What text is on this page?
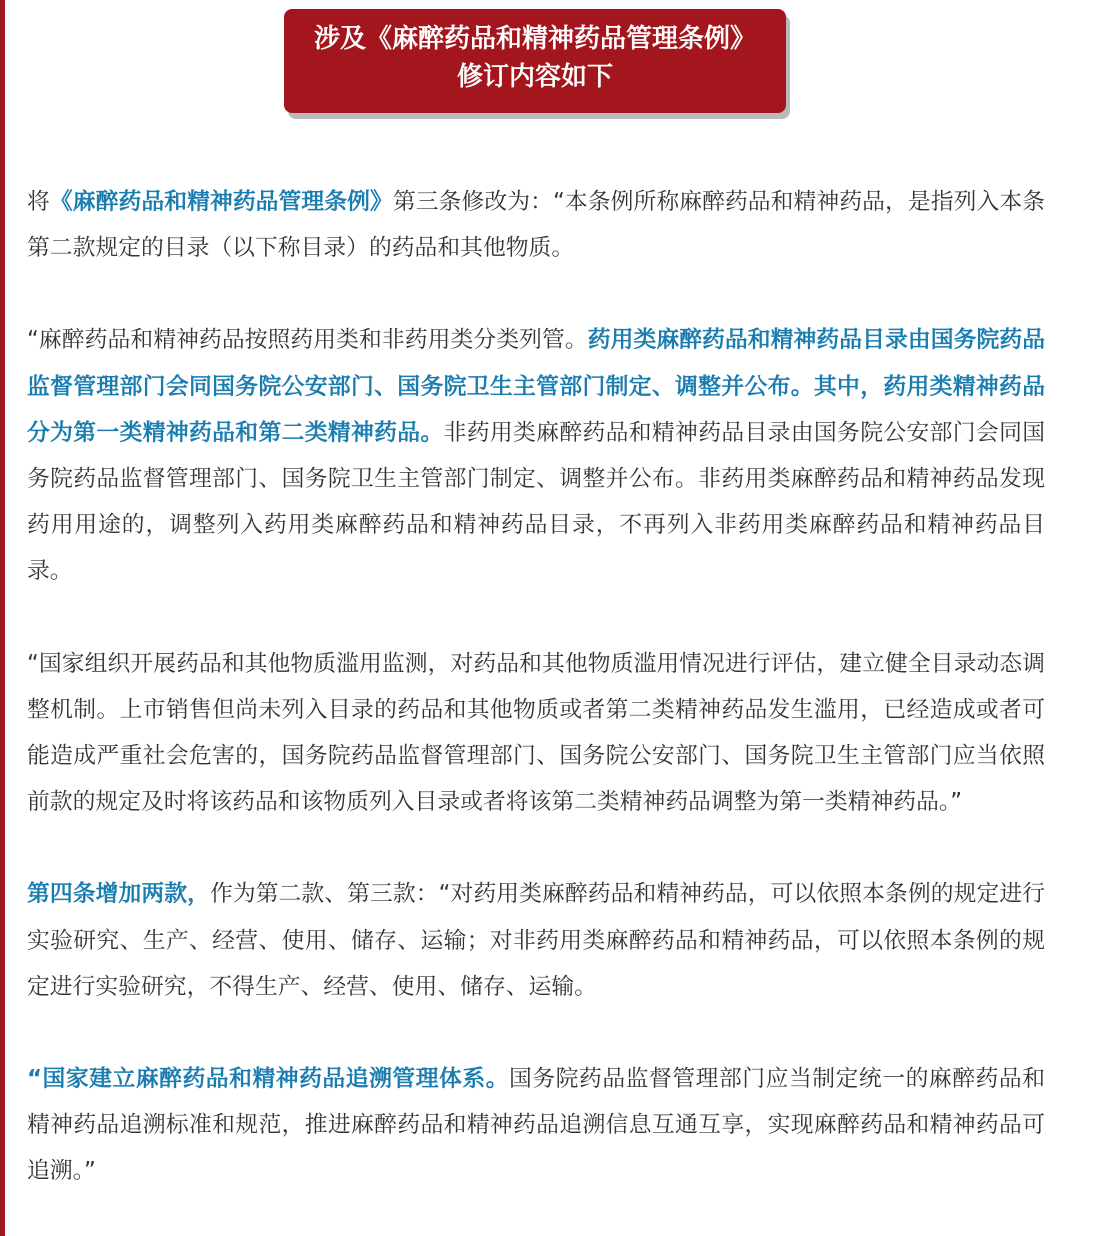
涉及《麻醉药品和精神药品管理条例》
修订内容如下

将《麻醉药品和精神药品管理条例》第三条修改为：“本条例所称麻醉药品和精神药品，是指列入本条第二款规定的目录（以下称目录）的药品和其他物质。

“麻醉药品和精神药品按照药用类和非药用类分类列管。药用类麻醉药品和精神药品目录由国务院药品监督管理部门会同国务院公安部门、国务院卫生主管部门制定、调整并公布。其中，药用类精神药品分为第一类精神药品和第二类精神药品。非药用类麻醉药品和精神药品目录由国务院公安部门会同国务院药品监督管理部门、国务院卫生主管部门制定、调整并公布。非药用类麻醉药品和精神药品发现药用用途的，调整列入药用类麻醉药品和精神药品目录，不再列入非药用类麻醉药品和精神药品目录。

“国家组织开展药品和其他物质滥用监测，对药品和其他物质滥用情况进行评估，建立健全目录动态调整机制。上市销售但尚未列入目录的药品和其他物质或者第二类精神药品发生滥用，已经造成或者可能造成严重社会危害的，国务院药品监督管理部门、国务院公安部门、国务院卫生主管部门应当依照前款的规定及时将该药品和该物质列入目录或者将该第二类精神药品调整为第一类精神药品。”

第四条增加两款，作为第二款、第三款：“对药用类麻醉药品和精神药品，可以依照本条例的规定进行实验研究、生产、经营、使用、储存、运输；对非药用类麻醉药品和精神药品，可以依照本条例的规定进行实验研究，不得生产、经营、使用、储存、运输。

“国家建立麻醉药品和精神药品追溯管理体系。国务院药品监督管理部门应当制定统一的麻醉药品和精神药品追溯标准和规范，推进麻醉药品和精神药品追溯信息互通互享，实现麻醉药品和精神药品可追溯。”
